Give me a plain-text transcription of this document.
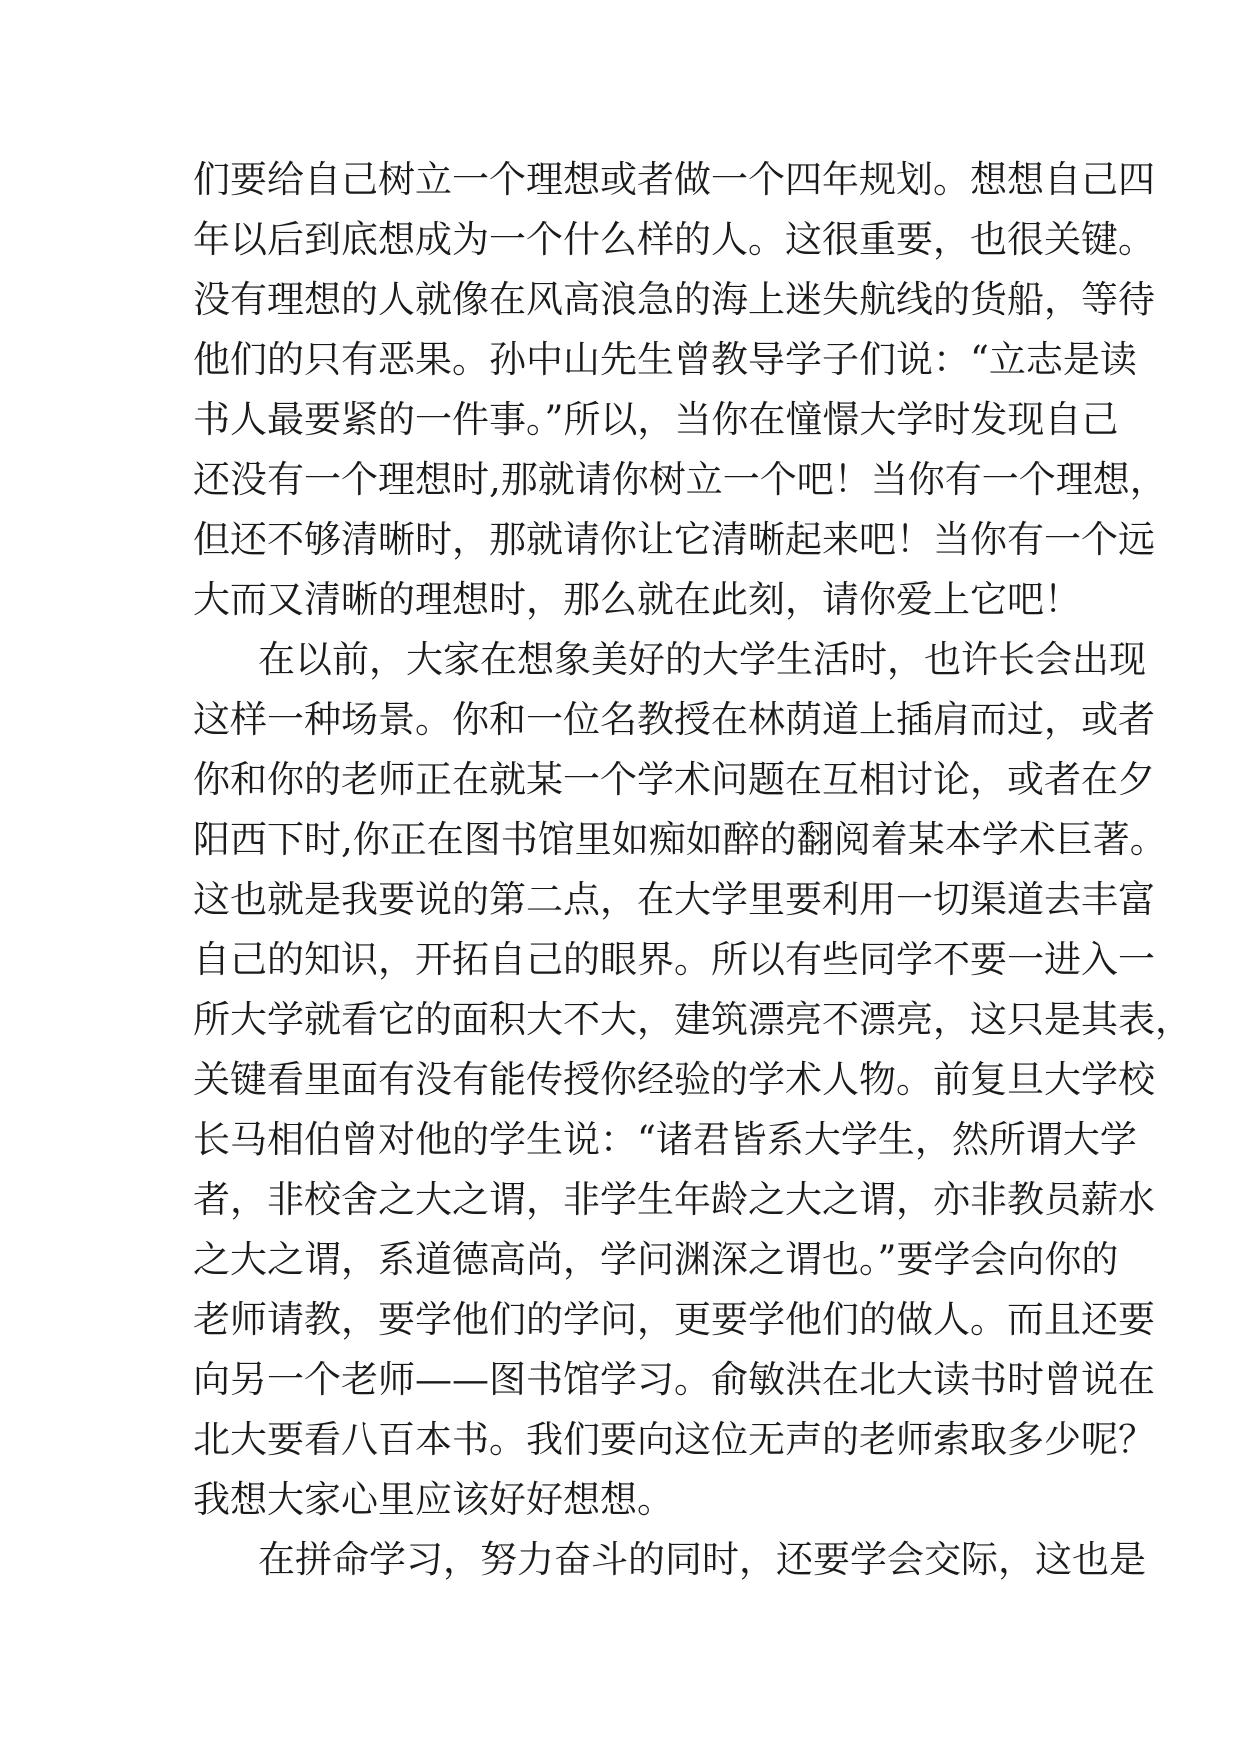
们要给自己树立一个理想或者做一个四年规划。想想自己四
年以后到底想成为一个什么样的人。这很重要，也很关键。
没有理想的人就像在风高浪急的海上迷失航线的货船，等待
他们的只有恶果。孙中山先生曾教导学子们说：“立志是读
书人最要紧的一件事。”所以，当你在憧憬大学时发现自己
还没有一个理想时,那就请你树立一个吧！当你有一个理想，
但还不够清晰时，那就请你让它清晰起来吧！当你有一个远
大而又清晰的理想时，那么就在此刻，请你爱上它吧！
在以前，大家在想象美好的大学生活时，也许长会出现
这样一种场景。你和一位名教授在林荫道上插肩而过，或者
你和你的老师正在就某一个学术问题在互相讨论，或者在夕
阳西下时,你正在图书馆里如痴如醉的翻阅着某本学术巨著。
这也就是我要说的第二点，在大学里要利用一切渠道去丰富
自己的知识，开拓自己的眼界。所以有些同学不要一进入一
所大学就看它的面积大不大，建筑漂亮不漂亮，这只是其表，
关键看里面有没有能传授你经验的学术人物。前复旦大学校
长马相伯曾对他的学生说：“诸君皆系大学生，然所谓大学
者，非校舍之大之谓，非学生年龄之大之谓，亦非教员薪水
之大之谓，系道德高尚，学问渊深之谓也。”要学会向你的
老师请教，要学他们的学问，更要学他们的做人。而且还要
向另一个老师——图书馆学习。俞敏洪在北大读书时曾说在
北大要看八百本书。我们要向这位无声的老师索取多少呢？
我想大家心里应该好好想想。
在拼命学习，努力奋斗的同时，还要学会交际，这也是
